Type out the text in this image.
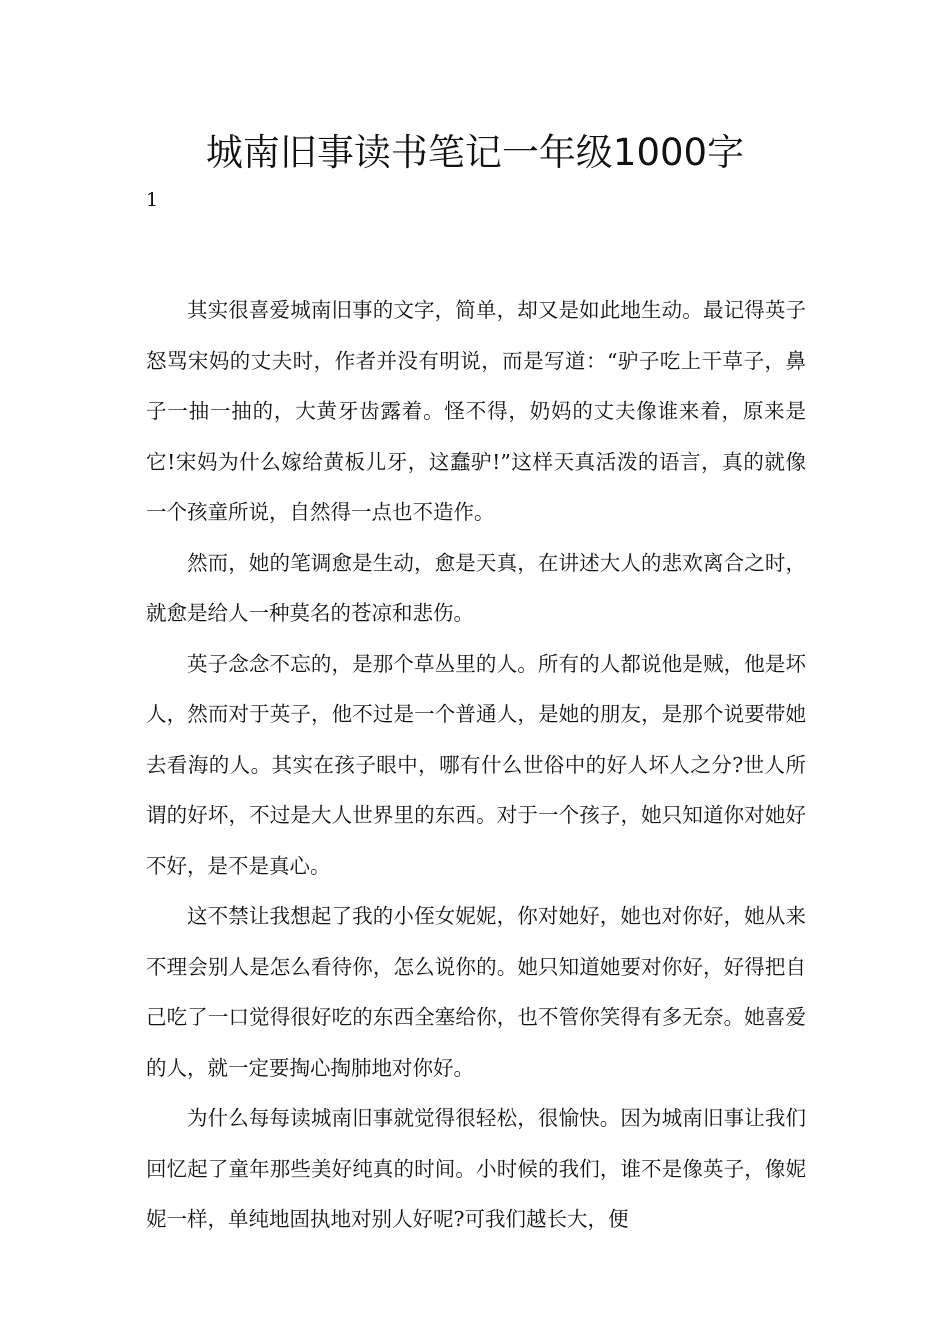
城南旧事读书笔记一年级1000字
1

其实很喜爱城南旧事的文字，简单，却又是如此地生动。最记得英子怒骂宋妈的丈夫时，作者并没有明说，而是写道：“驴子吃上干草子，鼻子一抽一抽的，大黄牙齿露着。怪不得，奶妈的丈夫像谁来着，原来是它!宋妈为什么嫁给黄板儿牙，这蠢驴!”这样天真活泼的语言，真的就像一个孩童所说，自然得一点也不造作。

然而，她的笔调愈是生动，愈是天真，在讲述大人的悲欢离合之时，就愈是给人一种莫名的苍凉和悲伤。

英子念念不忘的，是那个草丛里的人。所有的人都说他是贼，他是坏人，然而对于英子，他不过是一个普通人，是她的朋友，是那个说要带她去看海的人。其实在孩子眼中，哪有什么世俗中的好人坏人之分?世人所谓的好坏，不过是大人世界里的东西。对于一个孩子，她只知道你对她好不好，是不是真心。

这不禁让我想起了我的小侄女妮妮，你对她好，她也对你好，她从来不理会别人是怎么看待你，怎么说你的。她只知道她要对你好，好得把自己吃了一口觉得很好吃的东西全塞给你，也不管你笑得有多无奈。她喜爱的人，就一定要掏心掏肺地对你好。

为什么每每读城南旧事就觉得很轻松，很愉快。因为城南旧事让我们回忆起了童年那些美好纯真的时间。小时候的我们，谁不是像英子，像妮妮一样，单纯地固执地对别人好呢?可我们越长大，便
